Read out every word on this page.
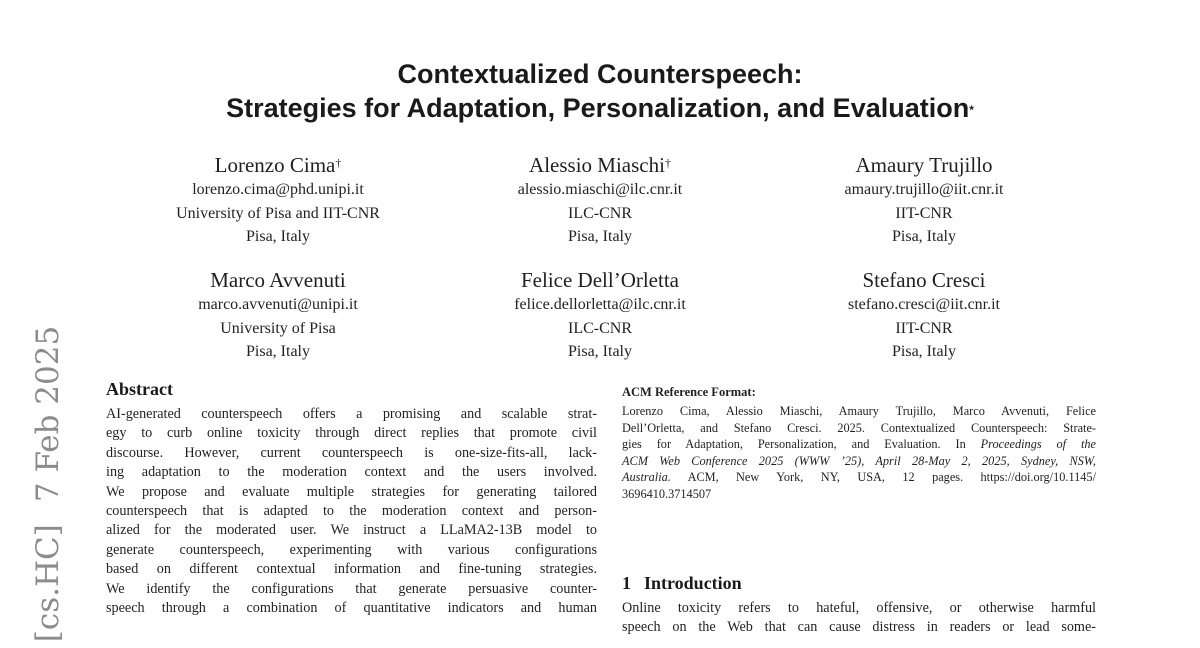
[cs.HC]7 Feb 2025
Contextualized Counterspeech:
Strategies for Adaptation, Personalization, and Evaluation*
Lorenzo Cima†
lorenzo.cima@phd.unipi.it
University of Pisa and IIT-CNR
Pisa, Italy
Alessio Miaschi†
alessio.miaschi@ilc.cnr.it
ILC-CNR
Pisa, Italy
Amaury Trujillo
amaury.trujillo@iit.cnr.it
IIT-CNR
Pisa, Italy
Marco Avvenuti
marco.avvenuti@unipi.it
University of Pisa
Pisa, Italy
Felice Dell’Orletta
felice.dellorletta@ilc.cnr.it
ILC-CNR
Pisa, Italy
Stefano Cresci
stefano.cresci@iit.cnr.it
IIT-CNR
Pisa, Italy
Abstract
AI-generated counterspeech offers a promising and scalable strat-
egy to curb online toxicity through direct replies that promote civil
discourse. However, current counterspeech is one-size-fits-all, lack-
ing adaptation to the moderation context and the users involved.
We propose and evaluate multiple strategies for generating tailored
counterspeech that is adapted to the moderation context and person-
alized for the moderated user. We instruct a LLaMA2-13B model to
generate counterspeech, experimenting with various configurations
based on different contextual information and fine-tuning strategies.
We identify the configurations that generate persuasive counter-
speech through a combination of quantitative indicators and human
ACM Reference Format:
Lorenzo Cima, Alessio Miaschi, Amaury Trujillo, Marco Avvenuti, Felice
Dell’Orletta, and Stefano Cresci. 2025. Contextualized Counterspeech: Strate-
gies for Adaptation, Personalization, and Evaluation. In Proceedings of the
ACM Web Conference 2025 (WWW ’25), April 28-May 2, 2025, Sydney, NSW,
Australia. ACM, New York, NY, USA, 12 pages. https://doi.org/10.1145/
3696410.3714507
1 Introduction
Online toxicity refers to hateful, offensive, or otherwise harmful
speech on the Web that can cause distress in readers or lead some-
